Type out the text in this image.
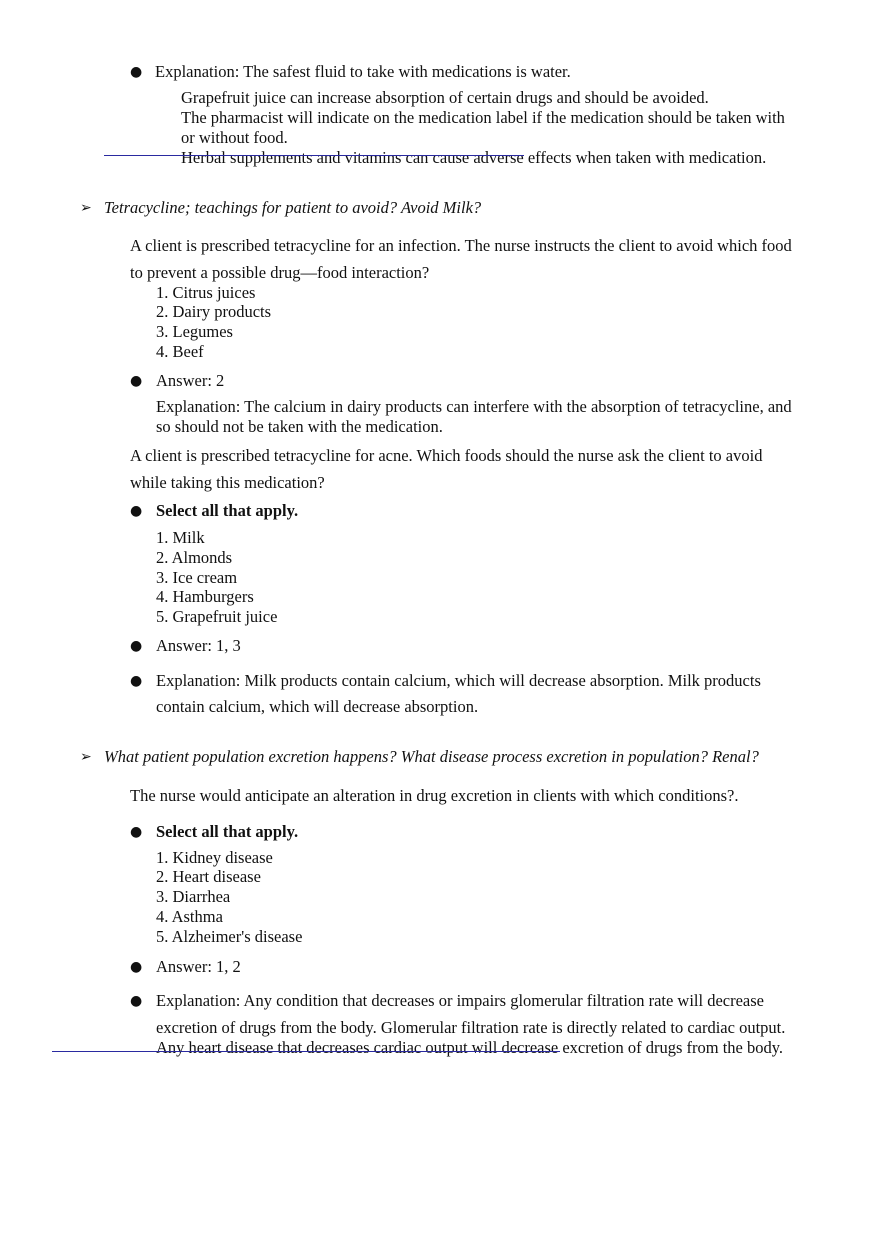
● Explanation: The safest fluid to take with medications is water.
Grapefruit juice can increase absorption of certain drugs and should be avoided.
The pharmacist will indicate on the medication label if the medication should be taken with
or without food.
Herbal supplements and vitamins can cause adverse effects when taken with medication.
➢ Tetracycline; teachings for patient to avoid? Avoid Milk?
A client is prescribed tetracycline for an infection. The nurse instructs the client to avoid which food
to prevent a possible drug—food interaction?
1. Citrus juices
2. Dairy products
3. Legumes
4. Beef
● Answer: 2
Explanation: The calcium in dairy products can interfere with the absorption of tetracycline, and
so should not be taken with the medication.
A client is prescribed tetracycline for acne. Which foods should the nurse ask the client to avoid
while taking this medication?
● Select all that apply.
1. Milk
2. Almonds
3. Ice cream
4. Hamburgers
5. Grapefruit juice
● Answer: 1, 3
● Explanation: Milk products contain calcium, which will decrease absorption. Milk products
contain calcium, which will decrease absorption.
➢ What patient population excretion happens? What disease process excretion in population? Renal?
The nurse would anticipate an alteration in drug excretion in clients with which conditions?.
● Select all that apply.
1. Kidney disease
2. Heart disease
3. Diarrhea
4. Asthma
5. Alzheimer's disease
● Answer: 1, 2
● Explanation: Any condition that decreases or impairs glomerular filtration rate will decrease
excretion of drugs from the body. Glomerular filtration rate is directly related to cardiac output.
Any heart disease that decreases cardiac output will decrease excretion of drugs from the body.
